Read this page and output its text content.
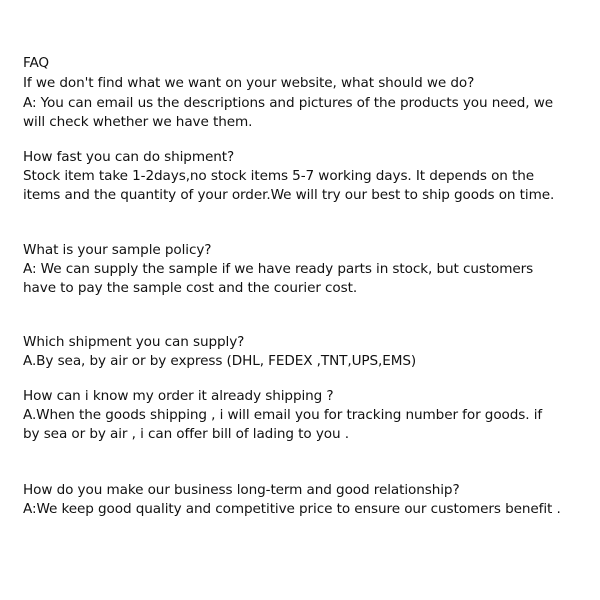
FAQ
If we don't find what we want on your website, what should we do?
A: You can email us the descriptions and pictures of the products you need, we
will check whether we have them.
How fast you can do shipment?
Stock item take 1-2days,no stock items 5-7 working days. It depends on the
items and the quantity of your order.We will try our best to ship goods on time.
What is your sample policy?
A: We can supply the sample if we have ready parts in stock, but customers
have to pay the sample cost and the courier cost.
Which shipment you can supply?
A.By sea, by air or by express (DHL, FEDEX ,TNT,UPS,EMS)
How can i know my order it already shipping ?
A.When the goods shipping , i will email you for tracking number for goods. if
by sea or by air , i can offer bill of lading to you .
How do you make our business long-term and good relationship?
A:We keep good quality and competitive price to ensure our customers benefit .
